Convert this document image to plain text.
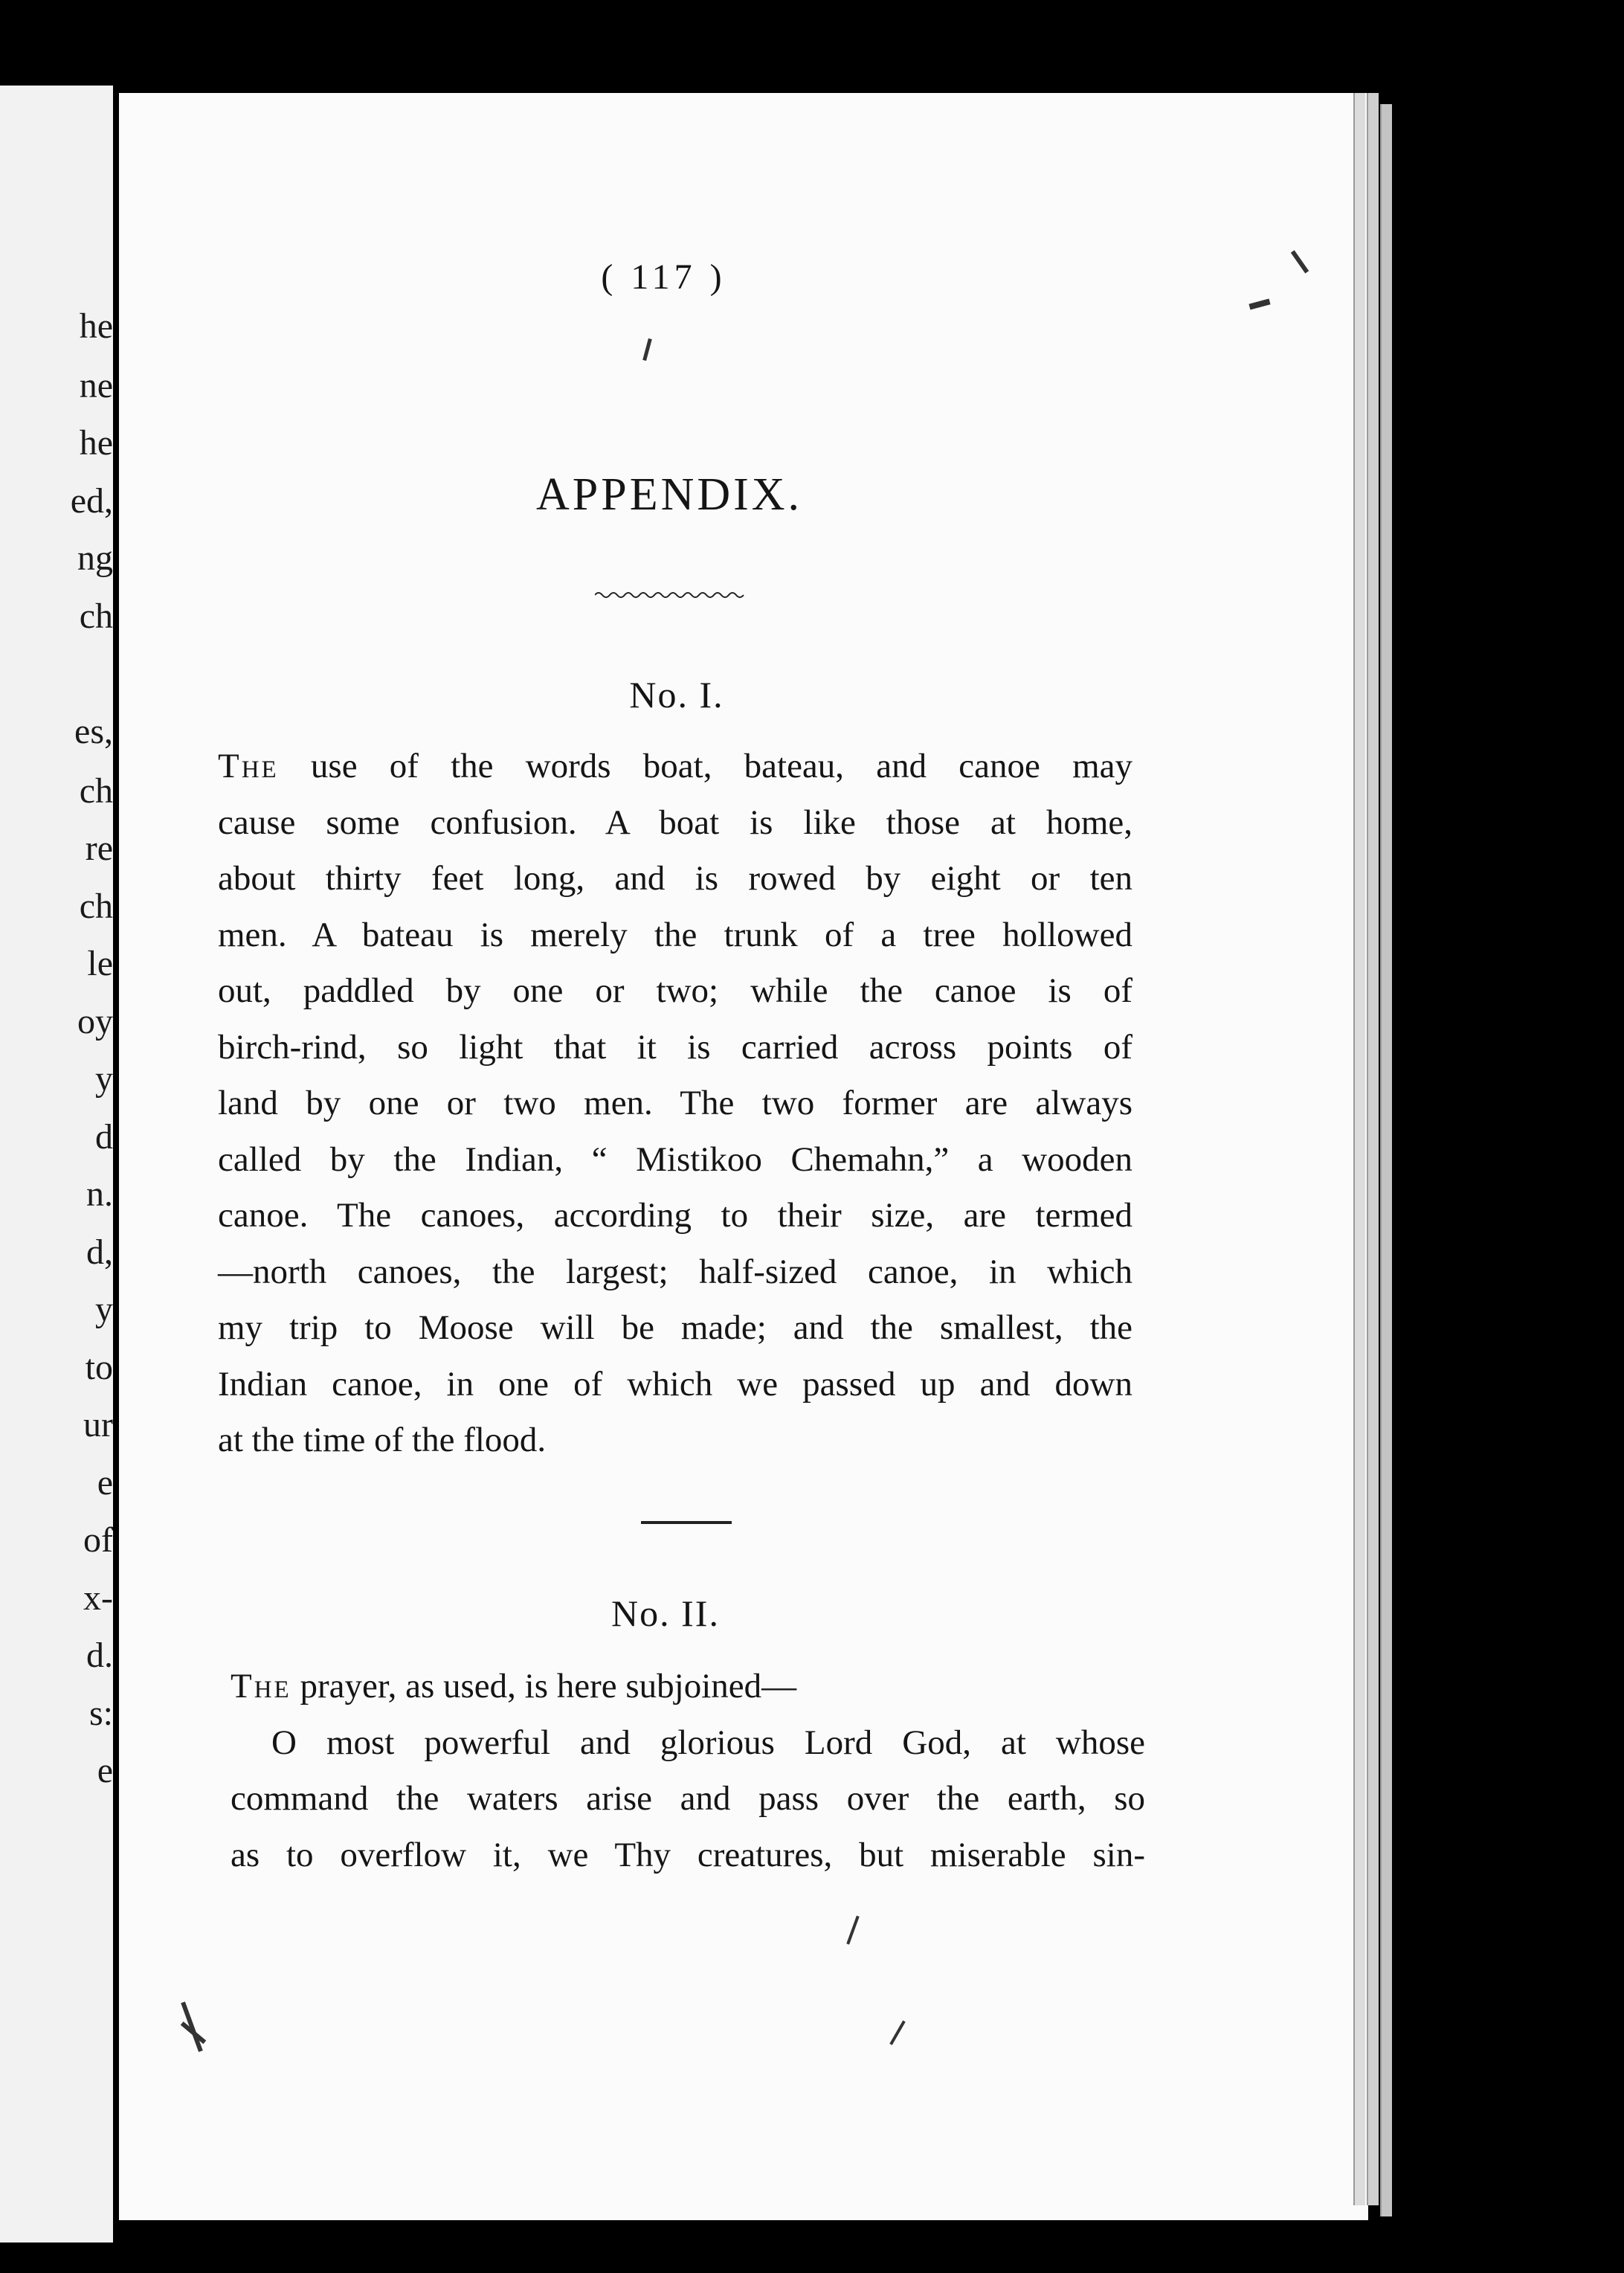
he
ne
he
ed,
ng
ch
es,
ch
re
ch
le
oy
y
d
n.
d,
y
to
ur
e
of
x-
d.
s:
e
( 117 )
APPENDIX.
No. I.
The use of the words boat, bateau, and canoe may
cause some confusion. A boat is like those at home,
about thirty feet long, and is rowed by eight or ten
men. A bateau is merely the trunk of a tree hollowed
out, paddled by one or two; while the canoe is of
birch-rind, so light that it is carried across points of
land by one or two men. The two former are always
called by the Indian, “ Mistikoo Chemahn,” a wooden
canoe. The canoes, according to their size, are termed
—north canoes, the largest; half-sized canoe, in which
my trip to Moose will be made; and the smallest, the
Indian canoe, in one of which we passed up and down
at the time of the flood.
No. II.
The prayer, as used, is here subjoined—
O most powerful and glorious Lord God, at whose
command the waters arise and pass over the earth, so
as to overflow it, we Thy creatures, but miserable sin-
